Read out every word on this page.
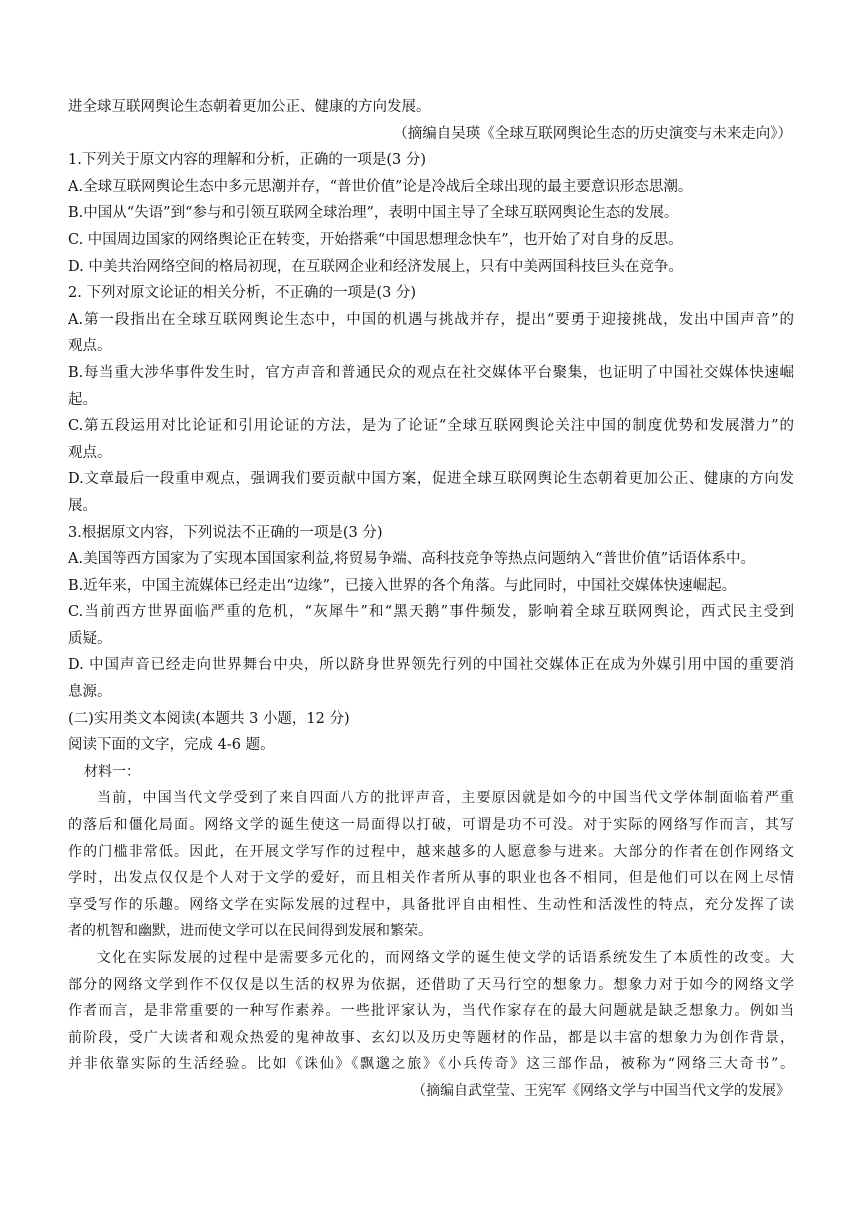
进全球互联网舆论生态朝着更加公正、健康的方向发展。
（摘编自吴瑛《全球互联网舆论生态的历史演变与未来走向》）
1.下列关于原文内容的理解和分析，正确的一项是(3 分)
A.全球互联网舆论生态中多元思潮并存，“普世价值”论是冷战后全球出现的最主要意识形态思潮。
B.中国从“失语”到“参与和引领互联网全球治理”，表明中国主导了全球互联网舆论生态的发展。
C. 中国周边国家的网络舆论正在转变，开始搭乘“中国思想理念快车”，也开始了对自身的反思。
D. 中美共治网络空间的格局初现，在互联网企业和经济发展上，只有中美两国科技巨头在竞争。
2. 下列对原文论证的相关分析，不正确的一项是(3 分)
A.第一段指出在全球互联网舆论生态中，中国的机遇与挑战并存，提出“要勇于迎接挑战，发出中国声音”的
观点。
B.每当重大涉华事件发生时，官方声音和普通民众的观点在社交媒体平台聚集，也证明了中国社交媒体快速崛
起。
C.第五段运用对比论证和引用论证的方法，是为了论证“全球互联网舆论关注中国的制度优势和发展潜力”的
观点。
D.文章最后一段重申观点，强调我们要贡献中国方案，促进全球互联网舆论生态朝着更加公正、健康的方向发
展。
3.根据原文内容，下列说法不正确的一项是(3 分)
A.美国等西方国家为了实现本国国家利益,将贸易争端、高科技竞争等热点问题纳入“普世价值”话语体系中。
B.近年来，中国主流媒体已经走出“边缘”，已接入世界的各个角落。与此同时，中国社交媒体快速崛起。
C.当前西方世界面临严重的危机，“灰犀牛”和“黑天鹅”事件频发，影响着全球互联网舆论，西式民主受到
质疑。
D. 中国声音已经走向世界舞台中央，所以跻身世界领先行列的中国社交媒体正在成为外媒引用中国的重要消
息源。
(二)实用类文本阅读(本题共 3 小题，12 分)
阅读下面的文字，完成 4-6 题。
材料一：
当前，中国当代文学受到了来自四面八方的批评声音，主要原因就是如今的中国当代文学体制面临着严重
的落后和僵化局面。网络文学的诞生使这一局面得以打破，可谓是功不可没。对于实际的网络写作而言，其写
作的门槛非常低。因此，在开展文学写作的过程中，越来越多的人愿意参与进来。大部分的作者在创作网络文
学时，出发点仅仅是个人对于文学的爱好，而且相关作者所从事的职业也各不相同，但是他们可以在网上尽情
享受写作的乐趣。网络文学在实际发展的过程中，具备批评自由相性、生动性和活泼性的特点，充分发挥了读
者的机智和幽默，进而使文学可以在民间得到发展和繁荣。
文化在实际发展的过程中是需要多元化的，而网络文学的诞生使文学的话语系统发生了本质性的改变。大
部分的网络文学到作不仅仅是以生活的权界为依据，还借助了天马行空的想象力。想象力对于如今的网络文学
作者而言，是非常重要的一种写作素养。一些批评家认为，当代作家存在的最大问题就是缺乏想象力。例如当
前阶段，受广大读者和观众热爱的鬼神故事、玄幻以及历史等题材的作品，都是以丰富的想象力为创作背景，
并非依靠实际的生活经验。比如《诛仙》《飘邈之旅》《小兵传奇》这三部作品，被称为“网络三大奇书”。
（摘编自武堂莹、王宪军《网络文学与中国当代文学的发展》
